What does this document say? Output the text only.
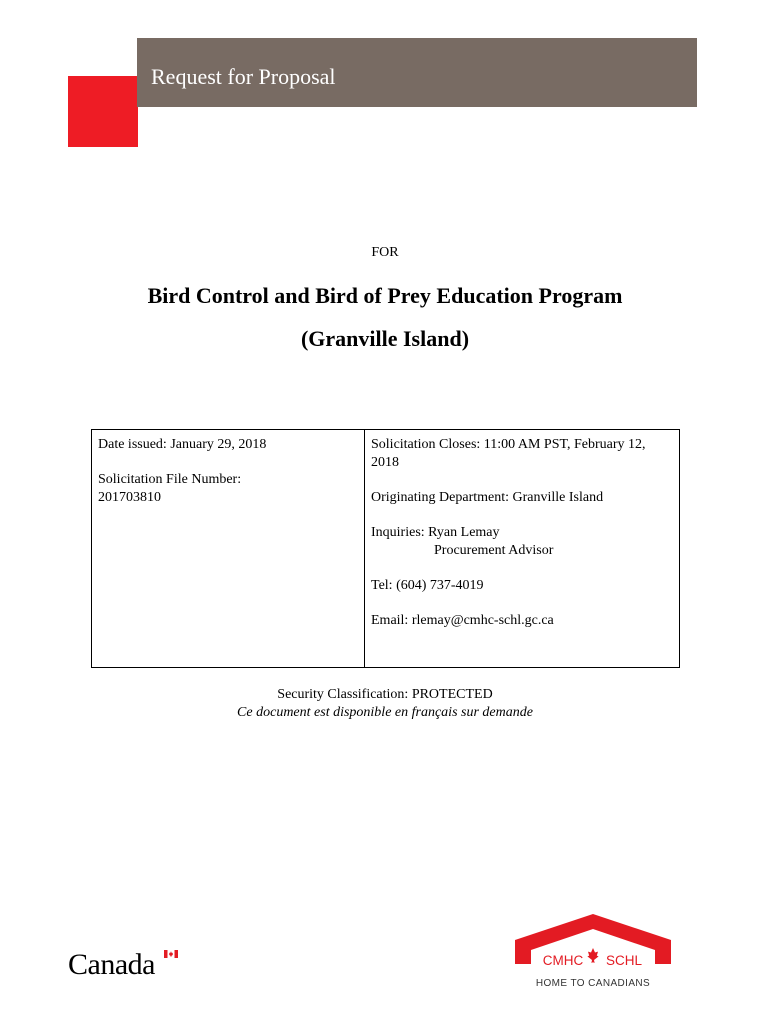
Request for Proposal
FOR
Bird Control and Bird of Prey Education Program
(Granville Island)
Date issued: January 29, 2018
Solicitation File Number:
201703810
Solicitation Closes: 11:00 AM PST, February 12,
2018
Originating Department: Granville Island
Inquiries: Ryan Lemay
Procurement Advisor
Tel: (604) 737-4019
Email: rlemay@cmhc-schl.gc.ca
Security Classification: PROTECTED
Ce document est disponible en français sur demande
Canada	CMHC SCHL
HOME TO CANADIANS
